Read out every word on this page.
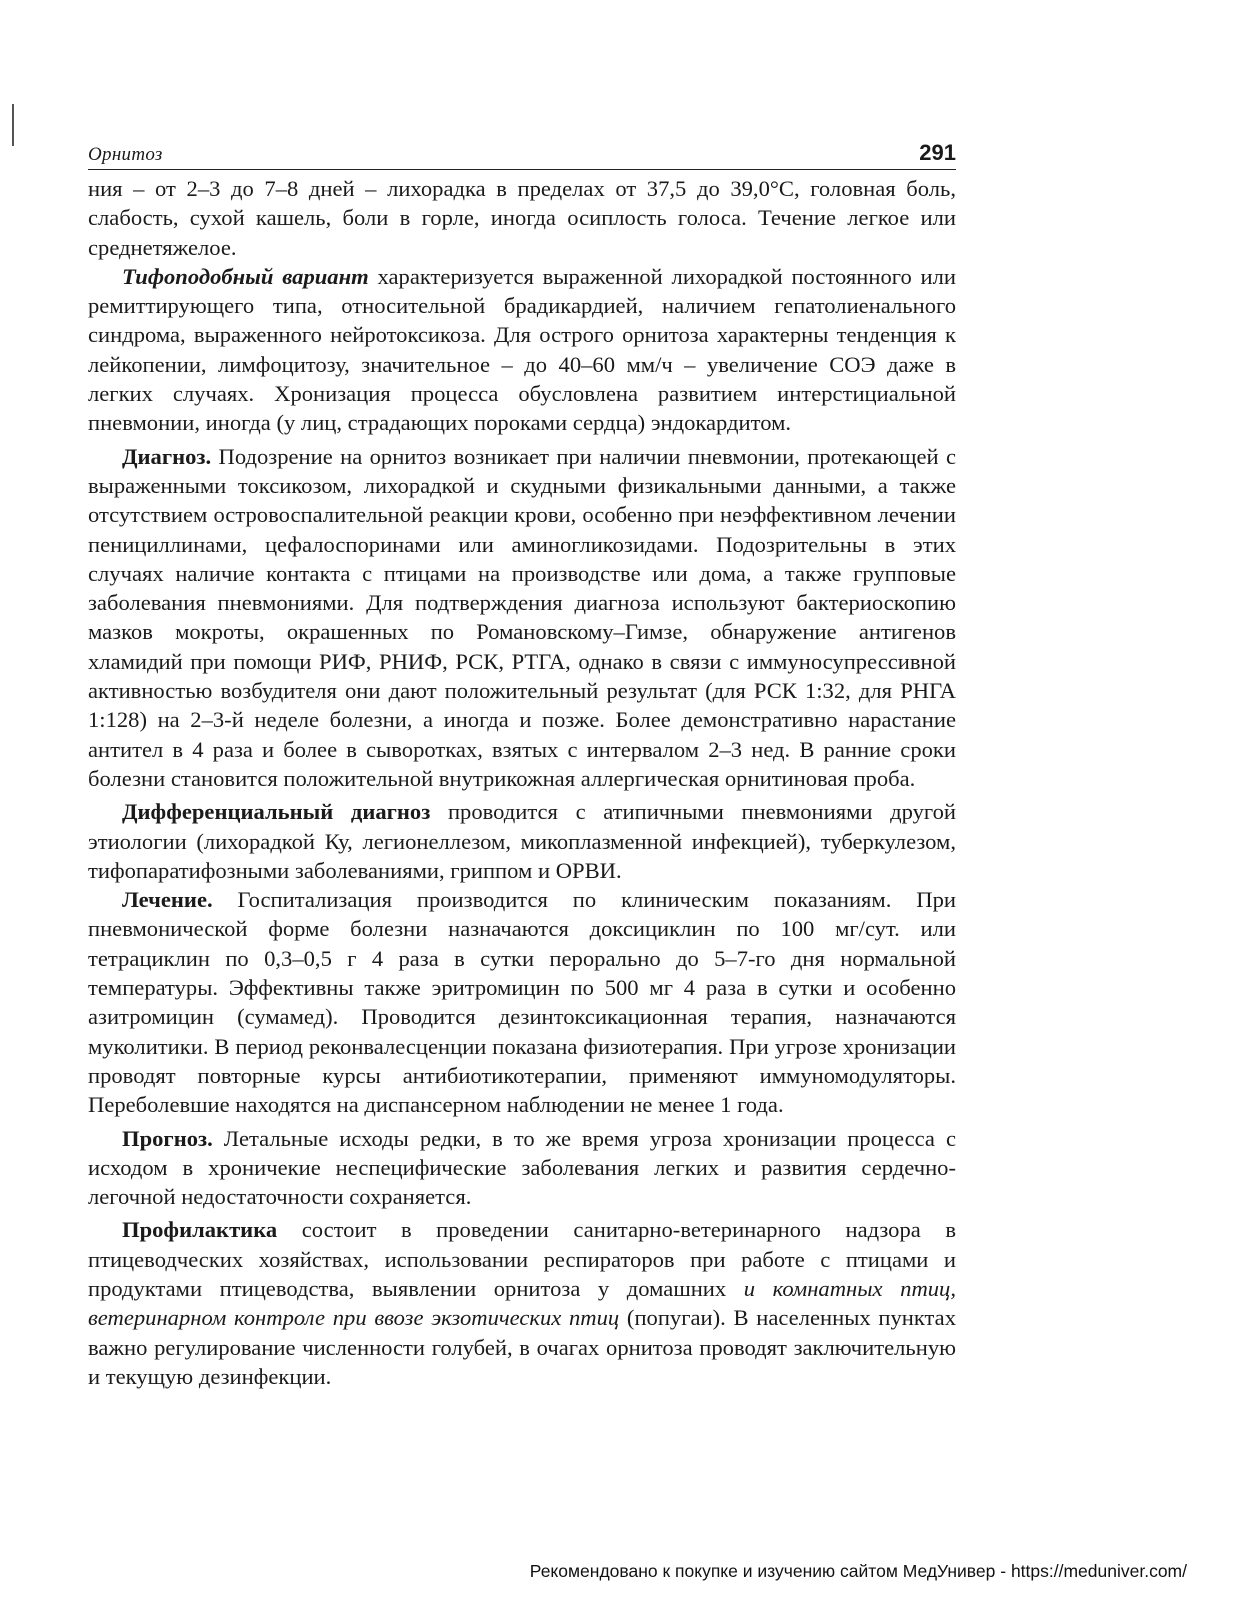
Орнитоз	291

ния – от 2–3 до 7–8 дней – лихорадка в пределах от 37,5 до 39,0°С, головная боль, слабость, сухой кашель, боли в горле, иногда осиплость голоса. Течение легкое или среднетяжелое.

Тифоподобный вариант характеризуется выраженной лихорадкой постоянного или ремиттирующего типа, относительной брадикардией, наличием гепатолиенального синдрома, выраженного нейротоксикоза. Для острого орнитоза характерны тенденция к лейкопении, лимфоцитозу, значительное – до 40–60 мм/ч – увеличение СОЭ даже в легких случаях. Хронизация процесса обусловлена развитием интерстициальной пневмонии, иногда (у лиц, страдающих пороками сердца) эндокардитом.

Диагноз. Подозрение на орнитоз возникает при наличии пневмонии, протекающей с выраженными токсикозом, лихорадкой и скудными физикальными данными, а также отсутствием островоспалительной реакции крови, особенно при неэффективном лечении пенициллинами, цефалоспоринами или аминогликозидами. Подозрительны в этих случаях наличие контакта с птицами на производстве или дома, а также групповые заболевания пневмониями. Для подтверждения диагноза используют бактериоскопию мазков мокроты, окрашенных по Романовскому–Гимзе, обнаружение антигенов хламидий при помощи РИФ, РНИФ, РСК, РТГА, однако в связи с иммуносупрессивной активностью возбудителя они дают положительный результат (для РСК 1:32, для РНГА 1:128) на 2–3-й неделе болезни, а иногда и позже. Более демонстративно нарастание антител в 4 раза и более в сыворотках, взятых с интервалом 2–3 нед. В ранние сроки болезни становится положительной внутрикожная аллергическая орнитиновая проба.

Дифференциальный диагноз проводится с атипичными пневмониями другой этиологии (лихорадкой Ку, легионеллезом, микоплазменной инфекцией), туберкулезом, тифопаратифозными заболеваниями, гриппом и ОРВИ.

Лечение. Госпитализация производится по клиническим показаниям. При пневмонической форме болезни назначаются доксициклин по 100 мг/сут. или тетрациклин по 0,3–0,5 г 4 раза в сутки перорально до 5–7-го дня нормальной температуры. Эффективны также эритромицин по 500 мг 4 раза в сутки и особенно азитромицин (сумамед). Проводится дезинтоксикационная терапия, назначаются муколитики. В период реконвалесценции показана физиотерапия. При угрозе хронизации проводят повторные курсы антибиотикотерапии, применяют иммуномодуляторы. Переболевшие находятся на диспансерном наблюдении не менее 1 года.

Прогноз. Летальные исходы редки, в то же время угроза хронизации процесса с исходом в хроничекие неспецифические заболевания легких и развития сердечно-легочной недостаточности сохраняется.

Профилактика состоит в проведении санитарно-ветеринарного надзора в птицеводческих хозяйствах, использовании респираторов при работе с птицами и продуктами птицеводства, выявлении орнитоза у домашних и комнатных птиц, ветеринарном контроле при ввозе экзотических птиц (попугаи). В населенных пунктах важно регулирование численности голубей, в очагах орнитоза проводят заключительную и текущую дезинфекции.

Рекомендовано к покупке и изучению сайтом МедУнивер - https://meduniver.com/
